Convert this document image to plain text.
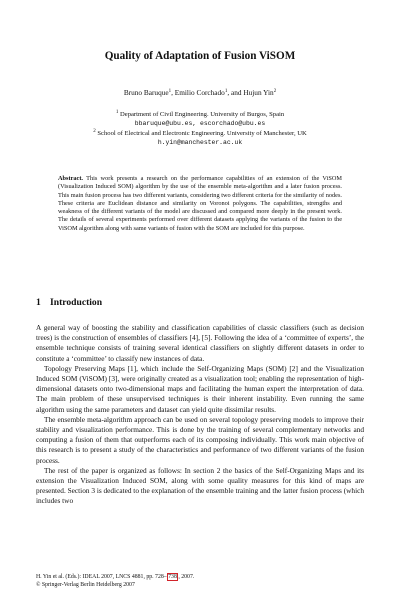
Quality of Adaptation of Fusion ViSOM
Bruno Baruque$^1$, Emilio Corchado$^1$, and Hujun Yin$^2$
$^1$ Department of Civil Engineering. University of Burgos, Spain
bbaruque@ubu.es, escorchado@ubu.es
$^2$ School of Electrical and Electronic Engineering. University of Manchester, UK
h.yin@manchester.ac.uk

Abstract. This work presents a research on the performance capabilities of an extension of the ViSOM (Visualization Induced SOM) algorithm by the use of the ensemble meta-algorithm and a later fusion process. This main fusion process has two different variants, considering two different criteria for the similarity of nodes. These criteria are Euclidean distance and similarity on Voronoi polygons. The capabilities, strengths and weakness of the different variants of the model are discussed and compared more deeply in the present work. The details of several experiments performed over different datasets applying the variants of the fusion to the ViSOM algorithm along with same variants of fusion with the SOM are included for this purpose.

1 Introduction

A general way of boosting the stability and classification capabilities of classic classifiers (such as decision trees) is the construction of ensembles of classifiers [4], [5]. Following the idea of a ‘committee of experts’, the ensemble technique consists of training several identical classifiers on slightly different datasets in order to constitute a ‘committee’ to classify new instances of data.

Topology Preserving Maps [1], which include the Self-Organizing Maps (SOM) [2] and the Visualization Induced SOM (ViSOM) [3], were originally created as a visualization tool; enabling the representation of high-dimensional datasets onto two-dimensional maps and facilitating the human expert the interpretation of data. The main problem of these unsupervised techniques is their inherent instability. Even running the same algorithm using the same parameters and dataset can yield quite dissimilar results.

The ensemble meta-algorithm approach can be used on several topology preserving models to improve their stability and visualization performance. This is done by the training of several complementary networks and computing a fusion of them that outperforms each of its composing individually. This work main objective of this research is to present a study of the characteristics and performance of two different variants of the fusion process.

The rest of the paper is organized as follows: In section 2 the basics of the Self-Organizing Maps and its extension the Visualization Induced SOM, along with some quality measures for this kind of maps are presented. Section 3 is dedicated to the explanation of the ensemble training and the latter fusion process (which includes two

H. Yin et al. (Eds.): IDEAL 2007, LNCS 4881, pp. 728– 738 , 2007.
© Springer-Verlag Berlin Heidelberg 2007
